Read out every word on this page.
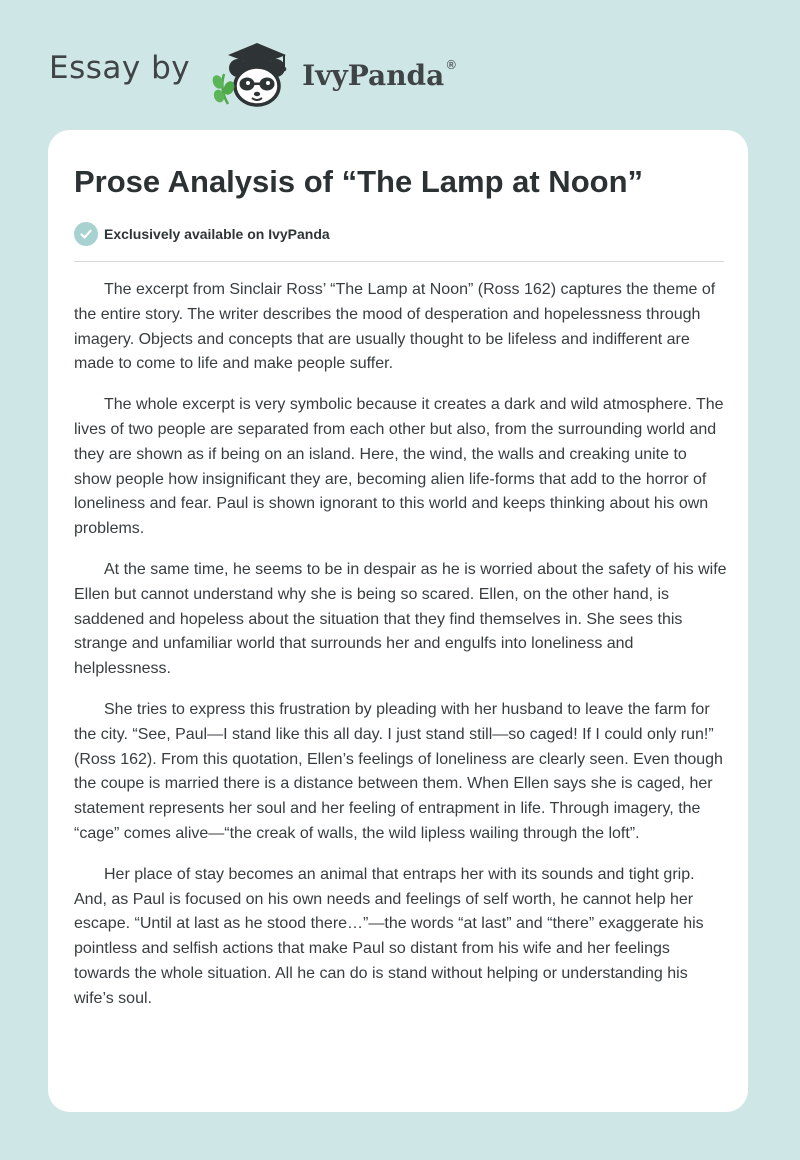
Essay by	IvyPanda ®
Prose Analysis of “The Lamp at Noon”
Exclusively available on IvyPanda

The excerpt from Sinclair Ross’ “The Lamp at Noon” (Ross 162) captures the theme of the entire story. The writer describes the mood of desperation and hopelessness through imagery. Objects and concepts that are usually thought to be lifeless and indifferent are made to come to life and make people suffer.

The whole excerpt is very symbolic because it creates a dark and wild atmosphere. The lives of two people are separated from each other but also, from the surrounding world and they are shown as if being on an island. Here, the wind, the walls and creaking unite to show people how insignificant they are, becoming alien life-forms that add to the horror of loneliness and fear. Paul is shown ignorant to this world and keeps thinking about his own problems.

At the same time, he seems to be in despair as he is worried about the safety of his wife Ellen but cannot understand why she is being so scared. Ellen, on the other hand, is saddened and hopeless about the situation that they find themselves in. She sees this strange and unfamiliar world that surrounds her and engulfs into loneliness and helplessness.

She tries to express this frustration by pleading with her husband to leave the farm for the city. “See, Paul—I stand like this all day. I just stand still—so caged! If I could only run!” (Ross 162). From this quotation, Ellen’s feelings of loneliness are clearly seen. Even though the coupe is married there is a distance between them. When Ellen says she is caged, her statement represents her soul and her feeling of entrapment in life. Through imagery, the “cage” comes alive—“the creak of walls, the wild lipless wailing through the loft”.

Her place of stay becomes an animal that entraps her with its sounds and tight grip. And, as Paul is focused on his own needs and feelings of self worth, he cannot help her escape. “Until at last as he stood there…”—the words “at last” and “there” exaggerate his pointless and selfish actions that make Paul so distant from his wife and her feelings towards the whole situation. All he can do is stand without helping or understanding his wife’s soul.
